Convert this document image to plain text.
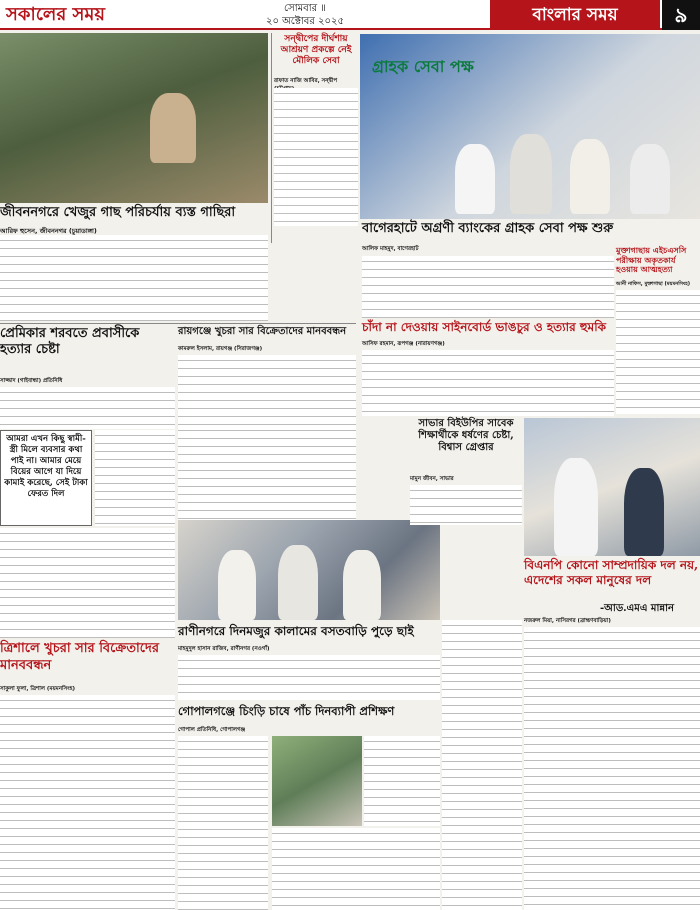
সকালের সময়	সোমবার ॥
২০ অক্টোবর ২০২৫	বাংলার সময়	৯
জীবননগরে খেজুর গাছ পরিচর্যায় ব্যস্ত গাছিরা
আরিফ হুসেন, জীবননগর (চুয়াডাঙ্গা)
সন্দ্বীপের দীর্ঘশায় আশ্রয়ণ প্রকল্পে নেই মৌলিক সেবা
রাফাত নাজি আবির, সন্দ্বীপ
গ্রাহক সেবা পক্ষ
বাগেরহাটে অগ্রণী ব্যাংকের গ্রাহক সেবা পক্ষ শুরু
আলিফ মাহমুদ, বাগেরহাট	মুক্তাগাছায় এইচএসসি পরীক্ষায় অকৃতকার্য হওয়ায় আত্মহত্যা
আনী নাফিস, মুক্তাগাছা (ময়মনসিংহ)
চাঁদা না দেওয়ায় সাইনবোর্ড ভাঙচুর ও হত্যার হুমকি
আসিফ রহমান, রূপগঞ্জ (নারায়ণগঞ্জ)
প্রেমিকার শরবতে প্রবাসীকে হত্যার চেষ্টা
সাজ্জাদ (গাইবান্ধা) প্রতিনিধি
আমরা এখন কিছু স্বামী-স্ত্রী মিলে ব্যবসার কথা পাই না। আমার মেয়ে বিয়ের আগে যা দিয়ে কামাই করেছে, সেই টাকা ফেরত দিল
রায়গঞ্জে খুচরা সার বিক্রেতাদের মানববন্ধন
কামরুল ইসলাম, রায়গঞ্জ (সিরাজগঞ্জ)
সাভার বিইউপির সাবেক শিক্ষার্থীকে ধর্ষণের চেষ্টা, বিশ্বাস গ্রেপ্তার
মামুন জীবন, সাভার
বিএনপি কোনো সাম্প্রদায়িক দল নয়, এদেশের সকল মানুষের দল
-আড.এমএ মান্নান
নজরুল মিয়া, নাসিরগর (ব্রাহ্মণবাড়িয়া)
রাণীনগরে দিনমজুর কালামের বসতবাড়ি পুড়ে ছাই
মাহমুদুল হাসান রাজিব, রাণীনগর (নওগাঁ)
ত্রিশালে খুচরা সার বিক্রেতাদের মানববন্ধন
সাকুলা ফুলা, ত্রিশাল (ময়মনসিংহ)
গোপালগঞ্জে চিংড়ি চাষে পাঁচ দিনব্যাপী প্রশিক্ষণ
গোপাল প্রতিনিধি, গোপালগঞ্জ
